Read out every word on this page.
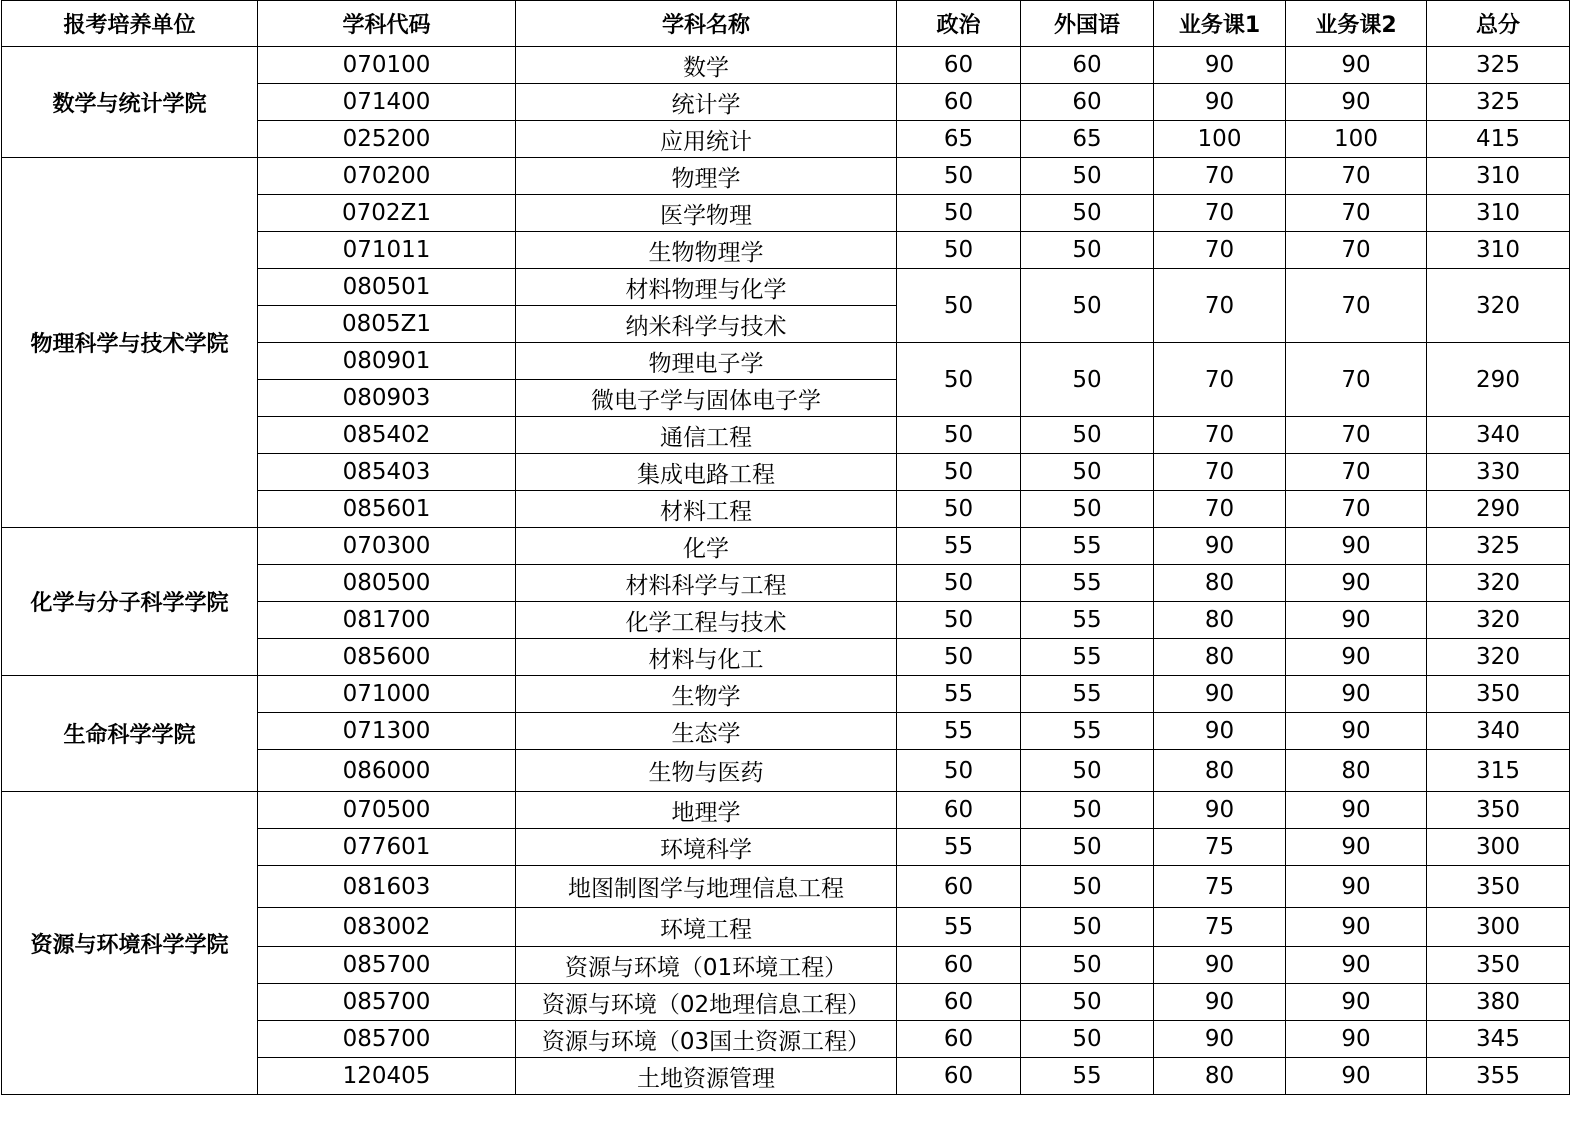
报考培养单位	学科代码	学科名称	政治	外国语	业务课1	业务课2	总分
数学与统计学院	070100	数学	60	60	90	90	325
	071400	统计学	60	60	90	90	325
	025200	应用统计	65	65	100	100	415
物理科学与技术学院	070200	物理学	50	50	70	70	310
	0702Z1	医学物理	50	50	70	70	310
	071011	生物物理学	50	50	70	70	310
	080501	材料物理与化学	50	50	70	70	320
	0805Z1	纳米科学与技术					
	080901	物理电子学	50	50	70	70	290
	080903	微电子学与固体电子学					
	085402	通信工程	50	50	70	70	340
	085403	集成电路工程	50	50	70	70	330
	085601	材料工程	50	50	70	70	290
化学与分子科学学院	070300	化学	55	55	90	90	325
	080500	材料科学与工程	50	55	80	90	320
	081700	化学工程与技术	50	55	80	90	320
	085600	材料与化工	50	55	80	90	320
生命科学学院	071000	生物学	55	55	90	90	350
	071300	生态学	55	55	90	90	340
	086000	生物与医药	50	50	80	80	315
资源与环境科学学院	070500	地理学	60	50	90	90	350
	077601	环境科学	55	50	75	90	300
	081603	地图制图学与地理信息工程	60	50	75	90	350
	083002	环境工程	55	50	75	90	300
	085700	资源与环境（01环境工程）	60	50	90	90	350
	085700	资源与环境（02地理信息工程）	60	50	90	90	380
	085700	资源与环境（03国土资源工程）	60	50	90	90	345
	120405	土地资源管理	60	55	80	90	355
